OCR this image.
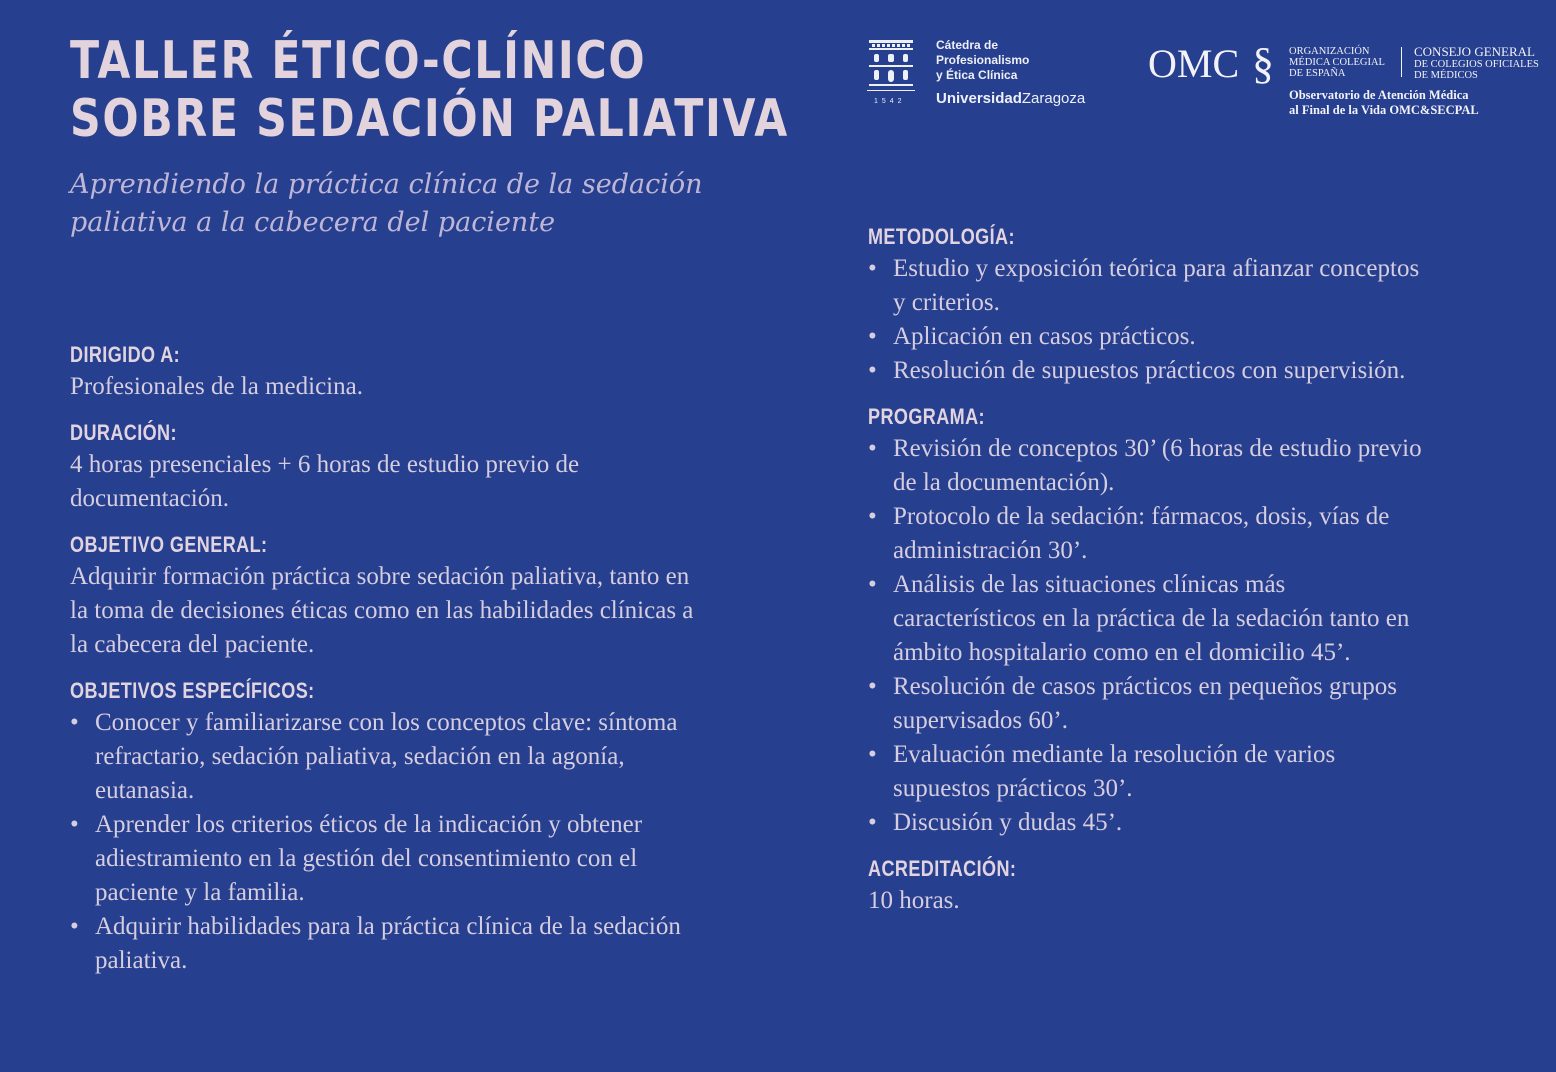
TALLER ÉTICO-CLÍNICO
SOBRE SEDACIÓN PALIATIVA

Aprendiendo la práctica clínica de la sedación paliativa a la cabecera del paciente

1542
Cátedra de
Profesionalismo
y Ética Clínica
UniversidadZaragoza
OMC § ORGANIZACIÓN
MÉDICA COLEGIAL
DE ESPAÑA
CONSEJO GENERAL
DE COLEGIOS OFICIALES
DE MÉDICOS
Observatorio de Atención Médica
al Final de la Vida OMC&SECPAL
DIRIGIDO A:

Profesionales de la medicina.

DURACIÓN:

4 horas presenciales + 6 horas de estudio previo de documentación.

OBJETIVO GENERAL:

Adquirir formación práctica sobre sedación paliativa, tanto en la toma de decisiones éticas como en las habilidades clínicas a la cabecera del paciente.

OBJETIVOS ESPECÍFICOS:
• Conocer y familiarizarse con los conceptos clave: síntoma refractario, sedación paliativa, sedación en la agonía, eutanasia.
• Aprender los criterios éticos de la indicación y obtener adiestramiento en la gestión del consentimiento con el paciente y la familia.
• Adquirir habilidades para la práctica clínica de la sedación paliativa.
METODOLOGÍA:
• Estudio y exposición teórica para afianzar conceptos y criterios.
• Aplicación en casos prácticos.
• Resolución de supuestos prácticos con supervisión.
PROGRAMA:
• Revisión de conceptos 30’ (6 horas de estudio previo de la documentación).
• Protocolo de la sedación: fármacos, dosis, vías de administración 30’.
• Análisis de las situaciones clínicas más característicos en la práctica de la sedación tanto en ámbito hospitalario como en el domicilio 45’.
• Resolución de casos prácticos en pequeños grupos supervisados 60’.
• Evaluación mediante la resolución de varios supuestos prácticos 30’.
• Discusión y dudas 45’.
ACREDITACIÓN:

10 horas.
